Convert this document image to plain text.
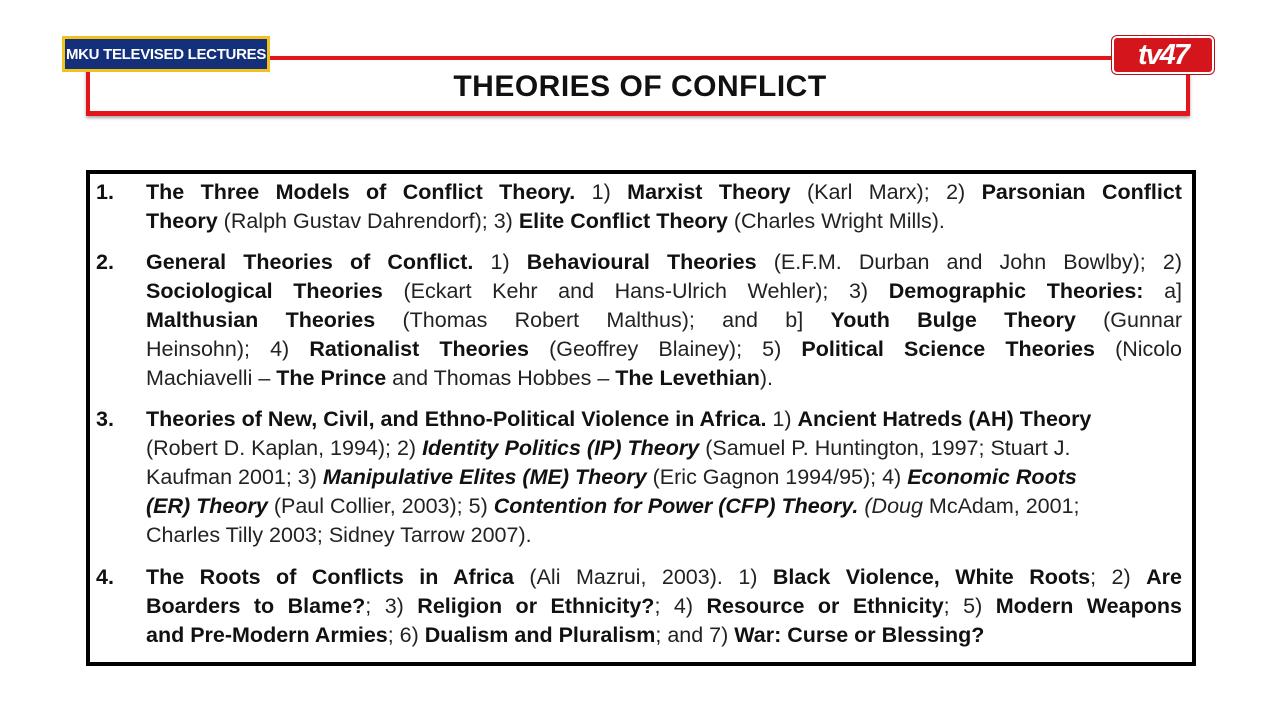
THEORIES OF CONFLICT
MKU TELEVISED LECTURES	tv47
1. The Three Models of Conflict Theory. 1) Marxist Theory (Karl Marx); 2) Parsonian Conflict
Theory (Ralph Gustav Dahrendorf); 3) Elite Conflict Theory (Charles Wright Mills).
2. General Theories of Conflict. 1) Behavioural Theories (E.F.M. Durban and John Bowlby); 2)
Sociological Theories (Eckart Kehr and Hans-Ulrich Wehler); 3) Demographic Theories: a]
Malthusian Theories (Thomas Robert Malthus); and b] Youth Bulge Theory (Gunnar
Heinsohn); 4) Rationalist Theories (Geoffrey Blainey); 5) Political Science Theories (Nicolo
Machiavelli – The Prince and Thomas Hobbes – The Levethian).
3. Theories of New, Civil, and Ethno-Political Violence in Africa. 1) Ancient Hatreds (AH) Theory
(Robert D. Kaplan, 1994); 2) Identity Politics (IP) Theory (Samuel P. Huntington, 1997; Stuart J.
Kaufman 2001; 3) Manipulative Elites (ME) Theory (Eric Gagnon 1994/95); 4) Economic Roots
(ER) Theory (Paul Collier, 2003); 5) Contention for Power (CFP) Theory. (Doug McAdam, 2001;
Charles Tilly 2003; Sidney Tarrow 2007).
4. The Roots of Conflicts in Africa (Ali Mazrui, 2003). 1) Black Violence, White Roots; 2) Are
Boarders to Blame?; 3) Religion or Ethnicity?; 4) Resource or Ethnicity; 5) Modern Weapons
and Pre-Modern Armies; 6) Dualism and Pluralism; and 7) War: Curse or Blessing?
